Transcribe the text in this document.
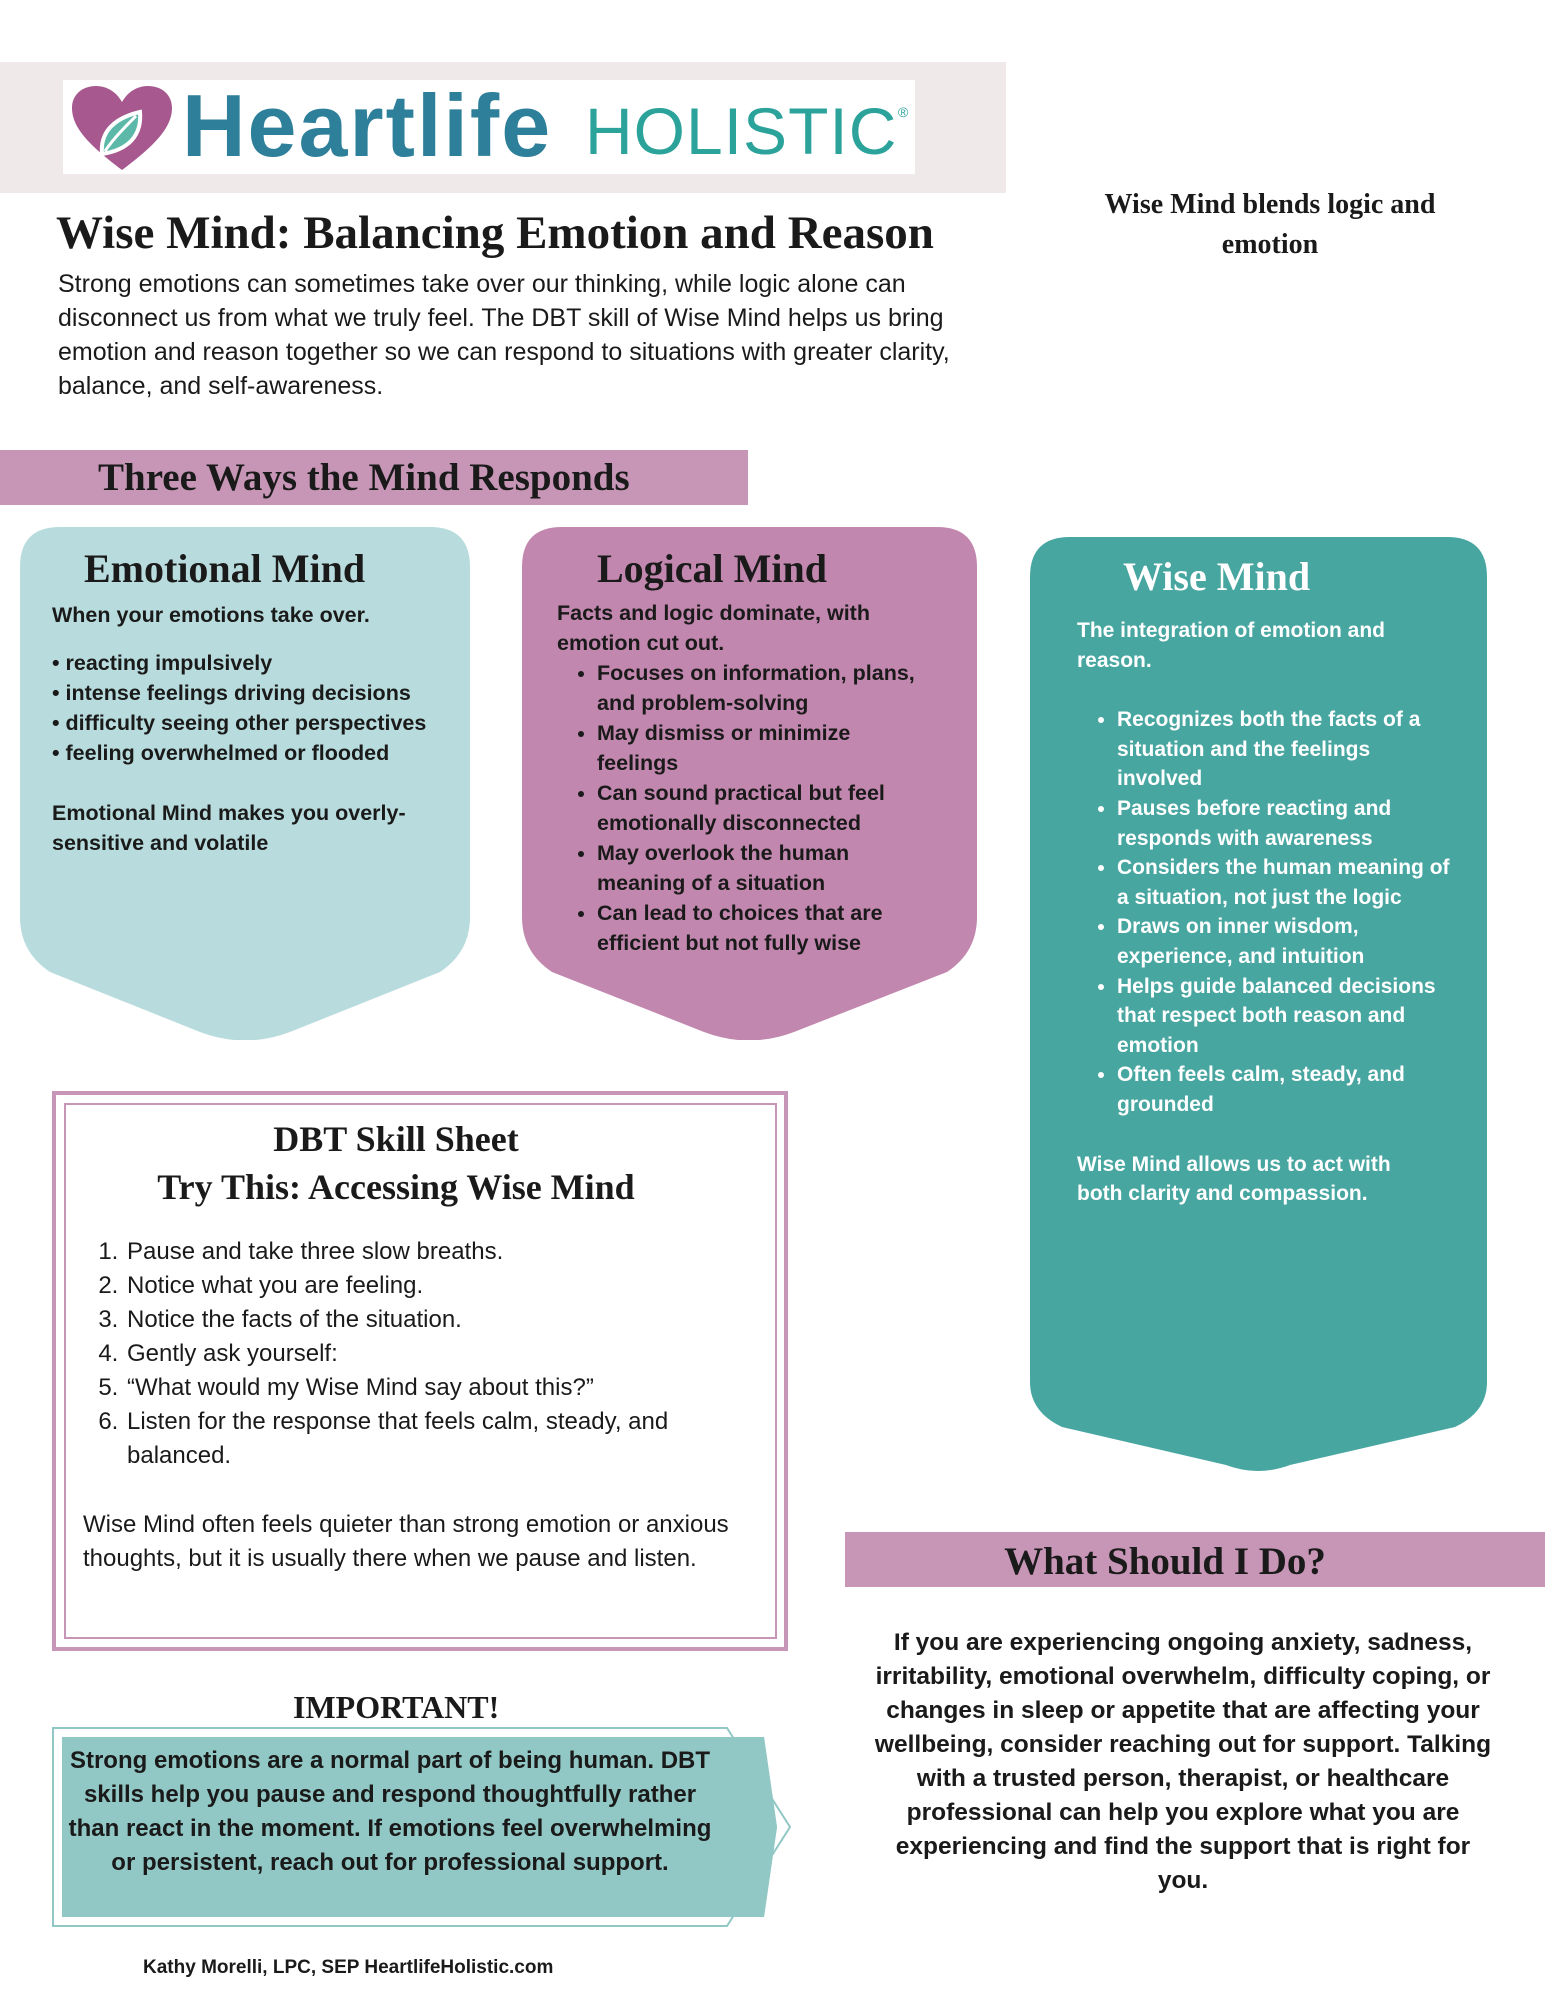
Heartlife HOLISTIC ®
Wise Mind blends logic and emotion
Wise Mind: Balancing Emotion and Reason
Strong emotions can sometimes take over our thinking, while logic alone can disconnect us from what we truly feel. The DBT skill of Wise Mind helps us bring emotion and reason together so we can respond to situations with greater clarity, balance, and self-awareness.
Three Ways the Mind Responds
Emotional Mind
When your emotions take over.
• reacting impulsively
• intense feelings driving decisions
• difficulty seeing other perspectives
• feeling overwhelmed or flooded
Emotional Mind makes you overly-sensitive and volatile
Logical Mind
Facts and logic dominate, with emotion cut out.
• Focuses on information, plans, and problem-solving
• May dismiss or minimize feelings
• Can sound practical but feel emotionally disconnected
• May overlook the human meaning of a situation
• Can lead to choices that are efficient but not fully wise
Wise Mind
The integration of emotion and reason.
• Recognizes both the facts of a situation and the feelings involved
• Pauses before reacting and responds with awareness
• Considers the human meaning of a situation, not just the logic
• Draws on inner wisdom, experience, and intuition
• Helps guide balanced decisions that respect both reason and emotion
• Often feels calm, steady, and grounded
Wise Mind allows us to act with both clarity and compassion.
DBT Skill Sheet
Try This: Accessing Wise Mind
1. Pause and take three slow breaths.
2. Notice what you are feeling.
3. Notice the facts of the situation.
4. Gently ask yourself:
5. “What would my Wise Mind say about this?”
6. Listen for the response that feels calm, steady, and balanced.
Wise Mind often feels quieter than strong emotion or anxious thoughts, but it is usually there when we pause and listen.
IMPORTANT!
Strong emotions are a normal part of being human. DBT skills help you pause and respond thoughtfully rather than react in the moment. If emotions feel overwhelming or persistent, reach out for professional support.
What Should I Do?
If you are experiencing ongoing anxiety, sadness, irritability, emotional overwhelm, difficulty coping, or changes in sleep or appetite that are affecting your wellbeing, consider reaching out for support. Talking with a trusted person, therapist, or healthcare professional can help you explore what you are experiencing and find the support that is right for you.
Kathy Morelli, LPC, SEP HeartlifeHolistic.com
